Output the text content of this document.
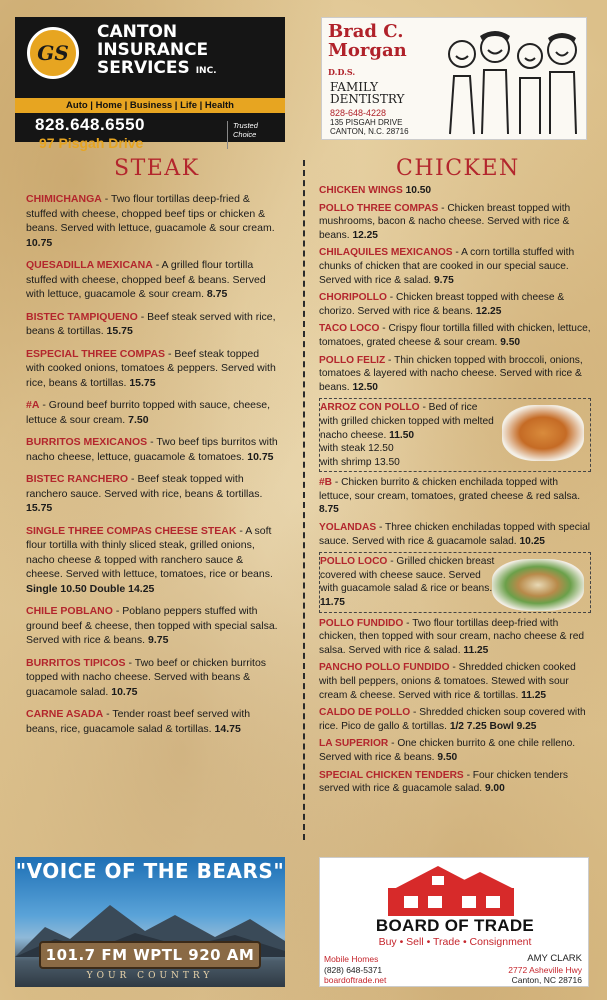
GS
CANTON
INSURANCE
SERVICES INC.
Auto | Home | Business | Life | Health
828.648.6550
97 Pisgah Drive
Trusted Choice
Brad C. Morgan D.D.S.
FAMILY
DENTISTRY
828-648-4228
135 PISGAH DRIVE
CANTON, N.C. 28716
STEAK	CHICKEN
CHIMICHANGA - Two flour tortillas deep-fried & stuffed with cheese, chopped beef tips or chicken & beans. Served with lettuce, guacamole & sour cream. 10.75
QUESADILLA MEXICANA - A grilled flour tortilla stuffed with cheese, chopped beef & beans. Served with lettuce, guacamole & sour cream. 8.75
BISTEC TAMPIQUENO - Beef steak served with rice, beans & tortillas. 15.75
ESPECIAL THREE COMPAS - Beef steak topped with cooked onions, tomatoes & peppers. Served with rice, beans & tortillas. 15.75
#A - Ground beef burrito topped with sauce, cheese, lettuce & sour cream. 7.50
BURRITOS MEXICANOS - Two beef tips burritos with nacho cheese, lettuce, guacamole & tomatoes. 10.75
BISTEC RANCHERO - Beef steak topped with ranchero sauce. Served with rice, beans & tortillas. 15.75
SINGLE THREE COMPAS CHEESE STEAK - A soft flour tortilla with thinly sliced steak, grilled onions, nacho cheese & topped with ranchero sauce & cheese. Served with lettuce, tomatoes, rice or beans. Single 10.50 Double 14.25
CHILE POBLANO - Poblano peppers stuffed with ground beef & cheese, then topped with special salsa. Served with rice & beans. 9.75
BURRITOS TIPICOS - Two beef or chicken burritos topped with nacho cheese. Served with beans & guacamole salad. 10.75
CARNE ASADA - Tender roast beef served with beans, rice, guacamole salad & tortillas. 14.75
CHICKEN WINGS 10.50
POLLO THREE COMPAS - Chicken breast topped with mushrooms, bacon & nacho cheese. Served with rice & beans. 12.25
CHILAQUILES MEXICANOS - A corn tortilla stuffed with chunks of chicken that are cooked in our special sauce. Served with rice & salad. 9.75
CHORIPOLLO - Chicken breast topped with cheese & chorizo. Served with rice & beans. 12.25
TACO LOCO - Crispy flour tortilla filled with chicken, lettuce, tomatoes, grated cheese & sour cream. 9.50
POLLO FELIZ - Thin chicken topped with broccoli, onions, tomatoes & layered with nacho cheese. Served with rice & beans. 12.50
ARROZ CON POLLO - Bed of rice with grilled chicken topped with melted nacho cheese. 11.50
with steak 12.50
with shrimp 13.50
#B - Chicken burrito & chicken enchilada topped with lettuce, sour cream, tomatoes, grated cheese & red salsa. 8.75
YOLANDAS - Three chicken enchiladas topped with special sauce. Served with rice & guacamole salad. 10.25
POLLO LOCO - Grilled chicken breast covered with cheese sauce. Served with guacamole salad & rice or beans. 11.75
POLLO FUNDIDO - Two flour tortillas deep-fried with chicken, then topped with sour cream, nacho cheese & red salsa. Served with rice & salad. 11.25
PANCHO POLLO FUNDIDO - Shredded chicken cooked with bell peppers, onions & tomatoes. Stewed with sour cream & cheese. Served with rice & tortillas. 11.25
CALDO DE POLLO - Shredded chicken soup covered with rice. Pico de gallo & tortillas. 1/2 7.25 Bowl 9.25
LA SUPERIOR - One chicken burrito & one chile relleno. Served with rice & beans. 9.50
SPECIAL CHICKEN TENDERS - Four chicken tenders served with rice & guacamole salad. 9.00
"VOICE OF THE BEARS"
101.7 FM WPTL 920 AM
YOUR COUNTRY
BOARD OF TRADE
Buy • Sell • Trade • Consignment
Mobile Homes
(828) 648-5371
boardoftrade.net
AMY CLARK
2772 Asheville Hwy
Canton, NC 28716
